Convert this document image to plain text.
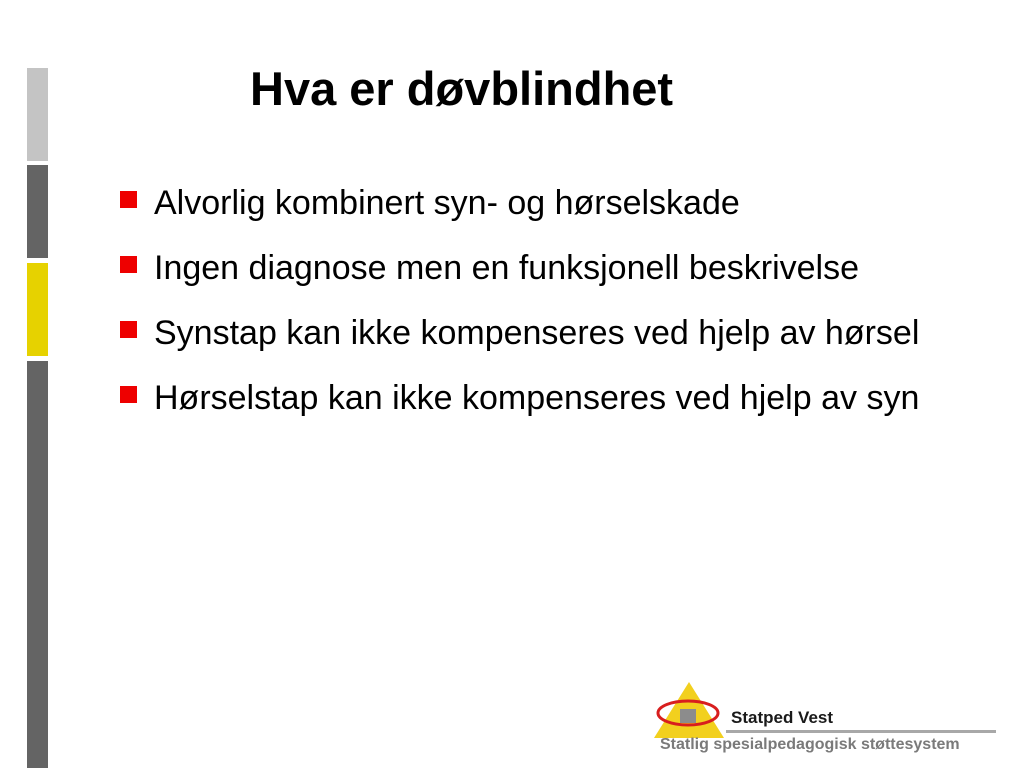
Hva er døvblindhet
Alvorlig kombinert syn- og hørselskade
Ingen diagnose men en funksjonell beskrivelse
Synstap kan ikke kompenseres ved hjelp av hørsel
Hørselstap kan ikke kompenseres ved hjelp av syn
Statped Vest
Statlig spesialpedagogisk støttesystem
